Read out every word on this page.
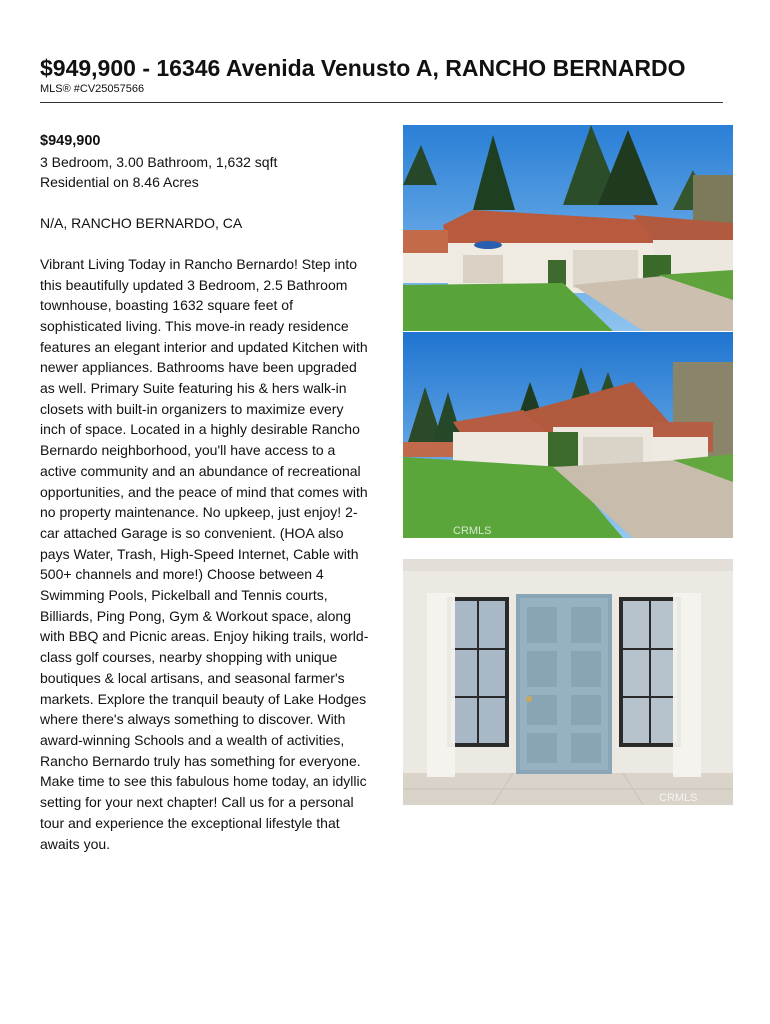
$949,900 - 16346 Avenida Venusto A, RANCHO BERNARDO
MLS® #CV25057566

$949,900

3 Bedroom, 3.00 Bathroom, 1,632 sqft

Residential on 8.46 Acres

N/A, RANCHO BERNARDO, CA

Vibrant Living Today in Rancho Bernardo! Step into this beautifully updated 3 Bedroom, 2.5 Bathroom townhouse, boasting 1632 square feet of sophisticated living. This move-in ready residence features an elegant interior and updated Kitchen with newer appliances. Bathrooms have been upgraded as well. Primary Suite featuring his & hers walk-in closets with built-in organizers to maximize every inch of space. Located in a highly desirable Rancho Bernardo neighborhood, you'll have access to a active community and an abundance of recreational opportunities, and the peace of mind that comes with no property maintenance. No upkeep, just enjoy! 2-car attached Garage is so convenient. (HOA also pays Water, Trash, High-Speed Internet, Cable with 500+ channels and more!) Choose between 4 Swimming Pools, Pickelball and Tennis courts, Billiards, Ping Pong, Gym & Workout space, along with BBQ and Picnic areas. Enjoy hiking trails, world-class golf courses, nearby shopping with unique boutiques & local artisans, and seasonal farmer's markets. Explore the tranquil beauty of Lake Hodges where there's always something to discover. With award-winning Schools and a wealth of activities, Rancho Bernardo truly has something for everyone. Make time to see this fabulous home today, an idyllic setting for your next chapter! Call us for a personal tour and experience the exceptional lifestyle that awaits you.

CRMLS
CRMLS
